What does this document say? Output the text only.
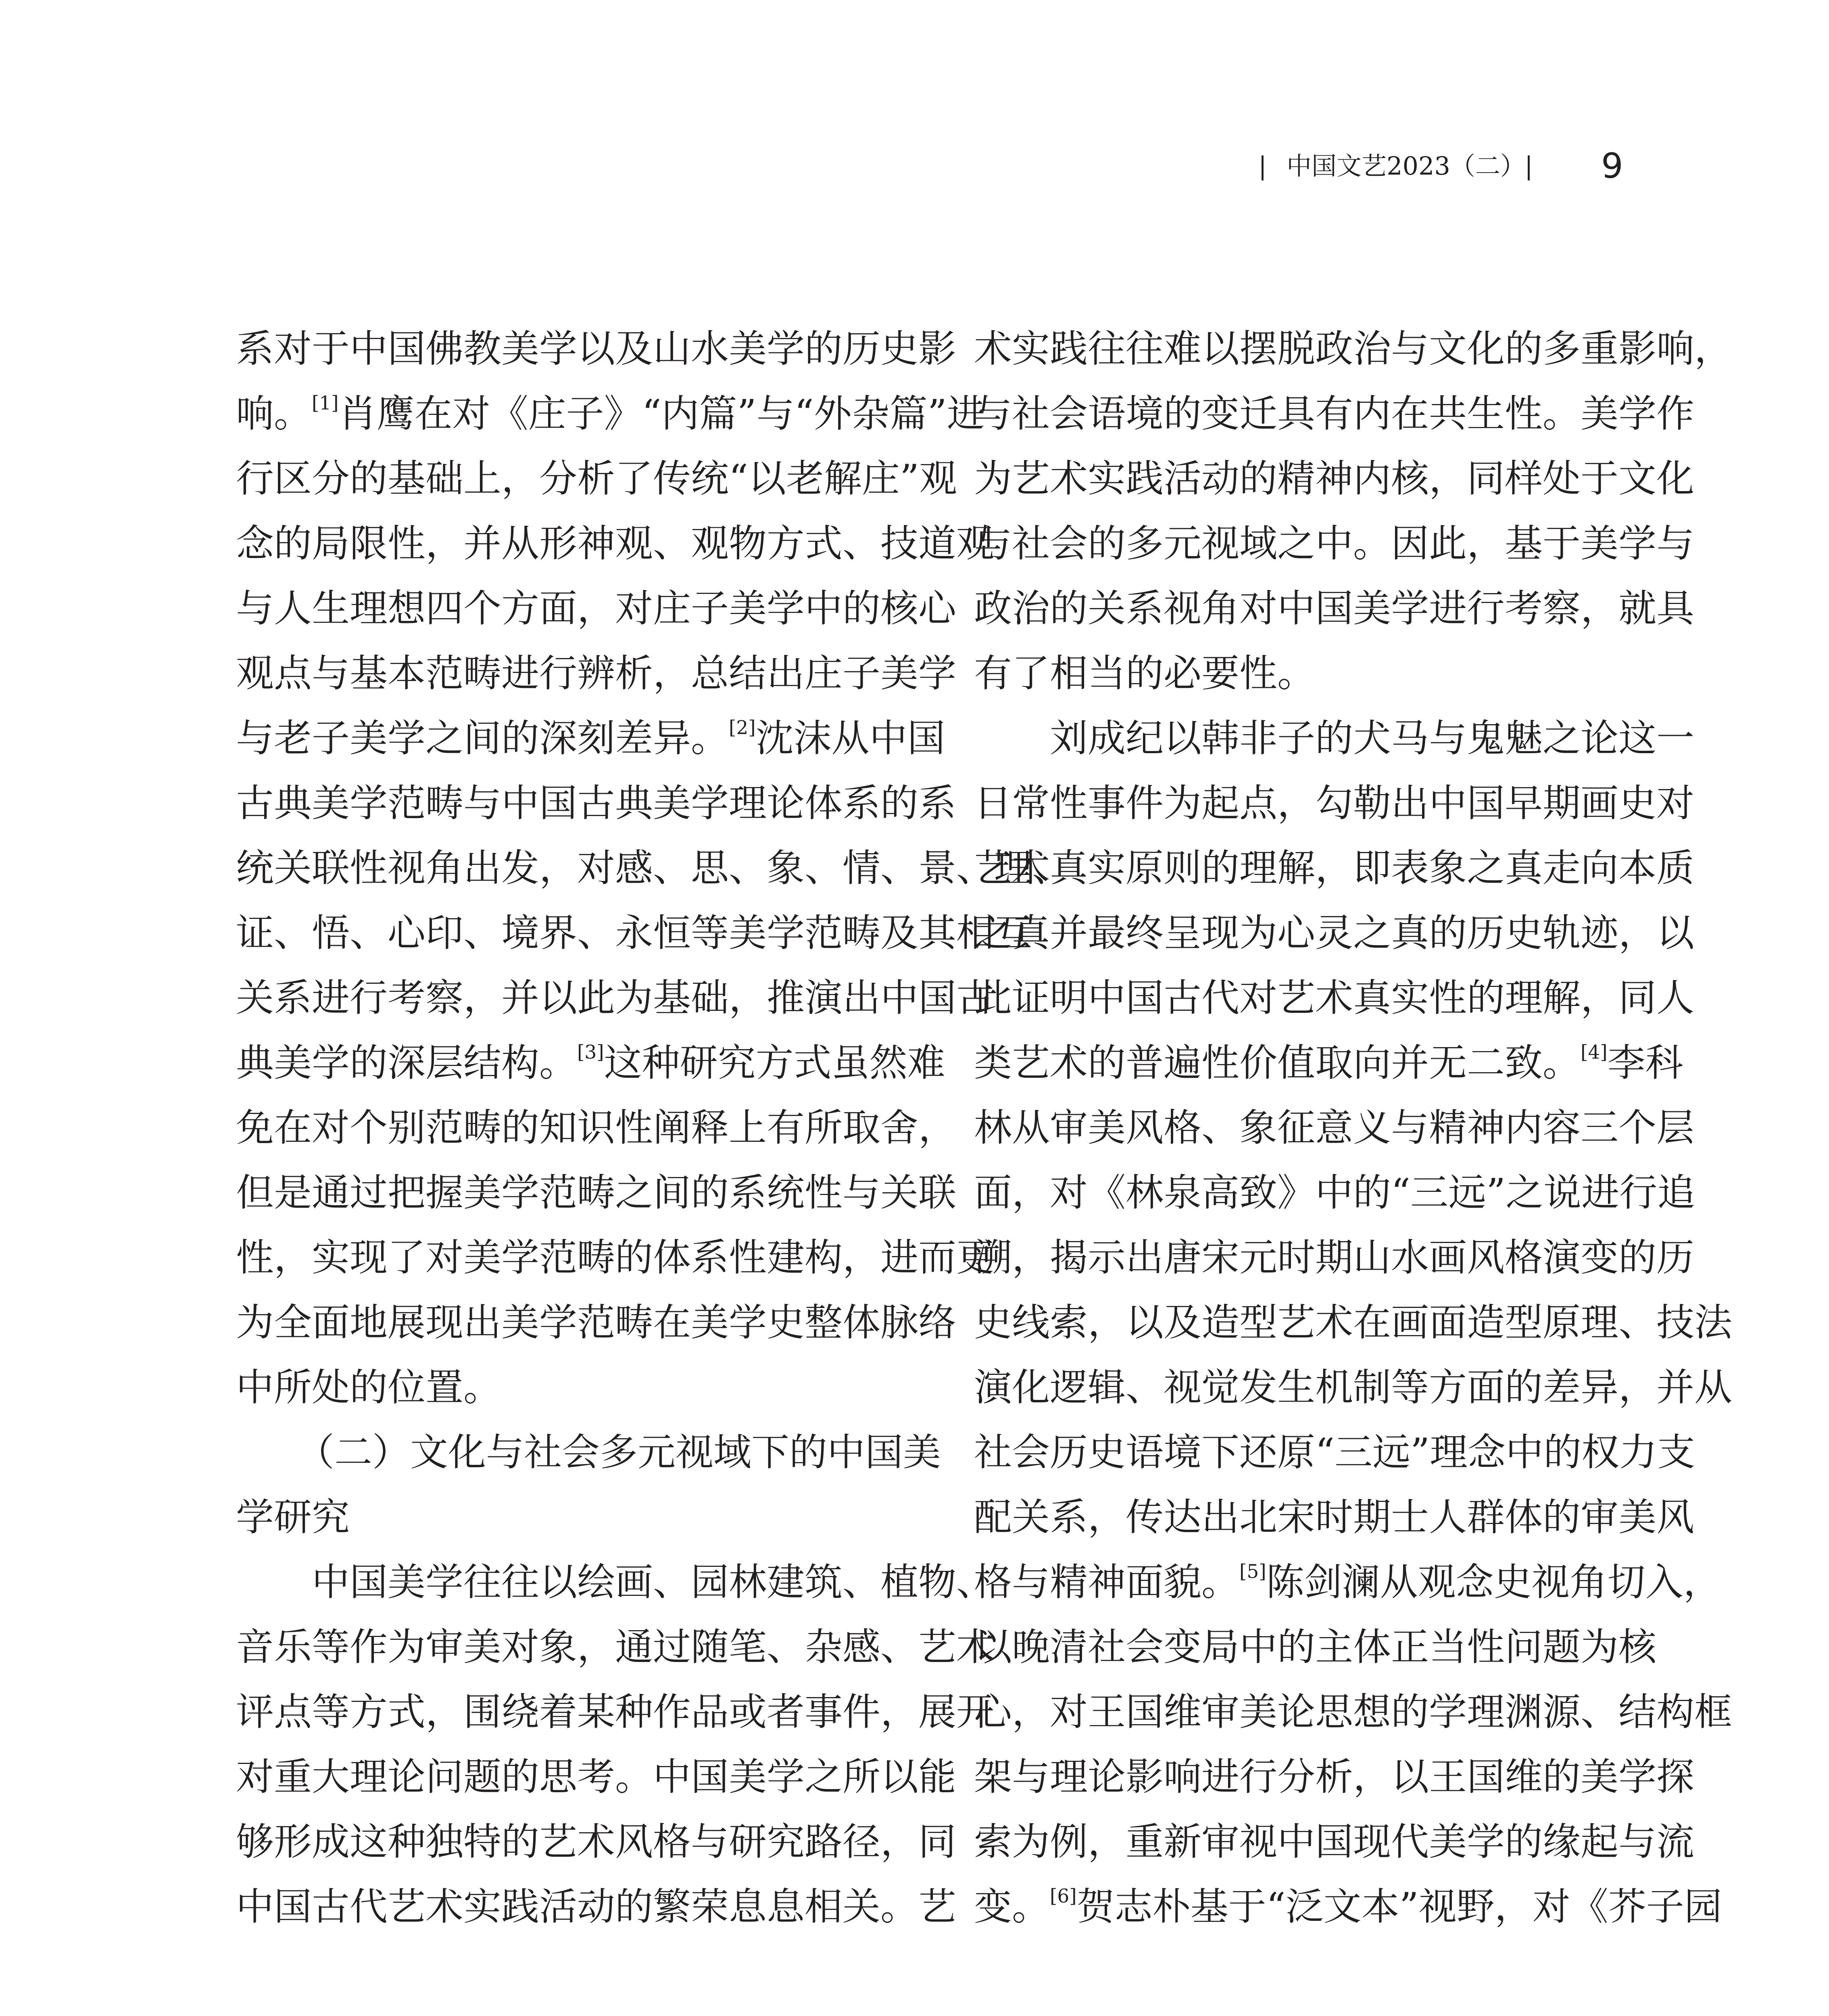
| 中国文艺2023（二）
| 9
系对于中国佛教美学以及山水美学的历史影
响。[1]肖鹰在对《庄子》“内篇”与“外杂篇”进
行区分的基础上，分析了传统“以老解庄”观
念的局限性，并从形神观、观物方式、技道观
与人生理想四个方面，对庄子美学中的核心
观点与基本范畴进行辨析，总结出庄子美学
与老子美学之间的深刻差异。[2]沈沫从中国
古典美学范畴与中国古典美学理论体系的系
统关联性视角出发，对感、思、象、情、景、理、
证、悟、心印、境界、永恒等美学范畴及其相互
关系进行考察，并以此为基础，推演出中国古
典美学的深层结构。[3]这种研究方式虽然难
免在对个别范畴的知识性阐释上有所取舍，
但是通过把握美学范畴之间的系统性与关联
性，实现了对美学范畴的体系性建构，进而更
为全面地展现出美学范畴在美学史整体脉络
中所处的位置。
（二）文化与社会多元视域下的中国美
学研究
中国美学往往以绘画、园林建筑、植物、
音乐等作为审美对象，通过随笔、杂感、艺术
评点等方式，围绕着某种作品或者事件，展开
对重大理论问题的思考。中国美学之所以能
够形成这种独特的艺术风格与研究路径，同
中国古代艺术实践活动的繁荣息息相关。艺
术实践往往难以摆脱政治与文化的多重影响，
与社会语境的变迁具有内在共生性。美学作
为艺术实践活动的精神内核，同样处于文化
与社会的多元视域之中。因此，基于美学与
政治的关系视角对中国美学进行考察，就具
有了相当的必要性。
刘成纪以韩非子的犬马与鬼魅之论这一
日常性事件为起点，勾勒出中国早期画史对
艺术真实原则的理解，即表象之真走向本质
之真并最终呈现为心灵之真的历史轨迹，以
此证明中国古代对艺术真实性的理解，同人
类艺术的普遍性价值取向并无二致。[4]李科
林从审美风格、象征意义与精神内容三个层
面，对《林泉高致》中的“三远”之说进行追
溯，揭示出唐宋元时期山水画风格演变的历
史线索，以及造型艺术在画面造型原理、技法
演化逻辑、视觉发生机制等方面的差异，并从
社会历史语境下还原“三远”理念中的权力支
配关系，传达出北宋时期士人群体的审美风
格与精神面貌。[5]陈剑澜从观念史视角切入，
以晚清社会变局中的主体正当性问题为核
心，对王国维审美论思想的学理渊源、结构框
架与理论影响进行分析，以王国维的美学探
索为例，重新审视中国现代美学的缘起与流
变。[6]贺志朴基于“泛文本”视野，对《芥子园
